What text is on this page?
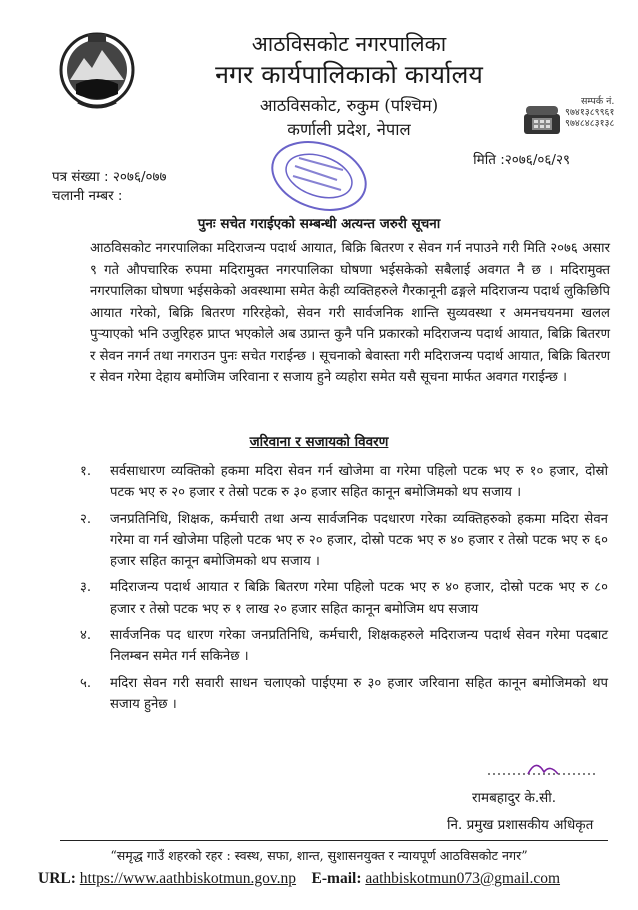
आठविसकोट नगरपालिका
नगर कार्यपालिकाको कार्यालय
आठविसकोट, रुकुम (पश्चिम)
कर्णाली प्रदेश, नेपाल
सम्पर्क नं.
९७४१३८९९६१
९७४८४८३१३८
पत्र संख्या : २०७६/०७७
चलानी नम्बर :
मिति :२०७६/०६/२९
पुनः सचेत गराईएको सम्बन्धी अत्यन्त जरुरी सूचना

आठविसकोट नगरपालिका मदिराजन्य पदार्थ आयात, बिक्रि बितरण र सेवन गर्न नपाउने गरी मिति २०७६ असार ९ गते औपचारिक रुपमा मदिरामुक्त नगरपालिका घोषणा भईसकेको सबैलाई अवगत नै छ । मदिरामुक्त नगरपालिका घोषणा भईसकेको अवस्थामा समेत केही व्यक्तिहरुले गैरकानूनी ढङ्गले मदिराजन्य पदार्थ लुकिछिपि आयात गरेको, बिक्रि बितरण गरिरहेको, सेवन गरी सार्वजनिक शान्ति सुव्यवस्था र अमनचयनमा खलल पुऱ्याएको भनि उजुरिहरु प्राप्त भएकोले अब उप्रान्त कुनै पनि प्रकारको मदिराजन्य पदार्थ आयात, बिक्रि बितरण र सेवन नगर्न तथा नगराउन पुनः सचेत गराईन्छ । सूचनाको बेवास्ता गरी मदिराजन्य पदार्थ आयात, बिक्रि बितरण र सेवन गरेमा देहाय बमोजिम जरिवाना र सजाय हुने व्यहोरा समेत यसै सूचना मार्फत अवगत गराईन्छ ।

जरिवाना र सजायको विवरण
१.	सर्वसाधारण व्यक्तिको हकमा मदिरा सेवन गर्न खोजेमा वा गरेमा पहिलो पटक भए रु १० हजार, दोस्रो पटक भए रु २० हजार र तेस्रो पटक रु ३० हजार सहित कानून बमोजिमको थप सजाय ।
२.	जनप्रतिनिधि, शिक्षक, कर्मचारी तथा अन्य सार्वजनिक पदधारण गरेका व्यक्तिहरुको हकमा मदिरा सेवन गरेमा वा गर्न खोजेमा पहिलो पटक भए रु २० हजार, दोस्रो पटक भए रु ४० हजार र तेस्रो पटक भए रु ६० हजार सहित कानून बमोजिमको थप सजाय ।
३.	मदिराजन्य पदार्थ आयात र बिक्रि बितरण गरेमा पहिलो पटक भए रु ४० हजार, दोस्रो पटक भए रु ८० हजार र तेस्रो पटक भए रु १ लाख २० हजार सहित कानून बमोजिम थप सजाय
४.	सार्वजनिक पद धारण गरेका जनप्रतिनिधि, कर्मचारी, शिक्षकहरुले मदिराजन्य पदार्थ सेवन गरेमा पदबाट निलम्बन समेत गर्न सकिनेछ ।
५.	मदिरा सेवन गरी सवारी साधन चलाएको पाईएमा रु ३० हजार जरिवाना सहित कानून बमोजिमको थप सजाय हुनेछ ।
रामबहादुर के.सी.
नि. प्रमुख प्रशासकीय अधिकृत
“समृद्ध गाउँ शहरको रहर : स्वस्थ, सफा, शान्त, सुशासनयुक्त र न्यायपूर्ण आठविसकोट नगर”
URL: https://www.aathbiskotmun.gov.np E-mail: aathbiskotmun073@gmail.com
